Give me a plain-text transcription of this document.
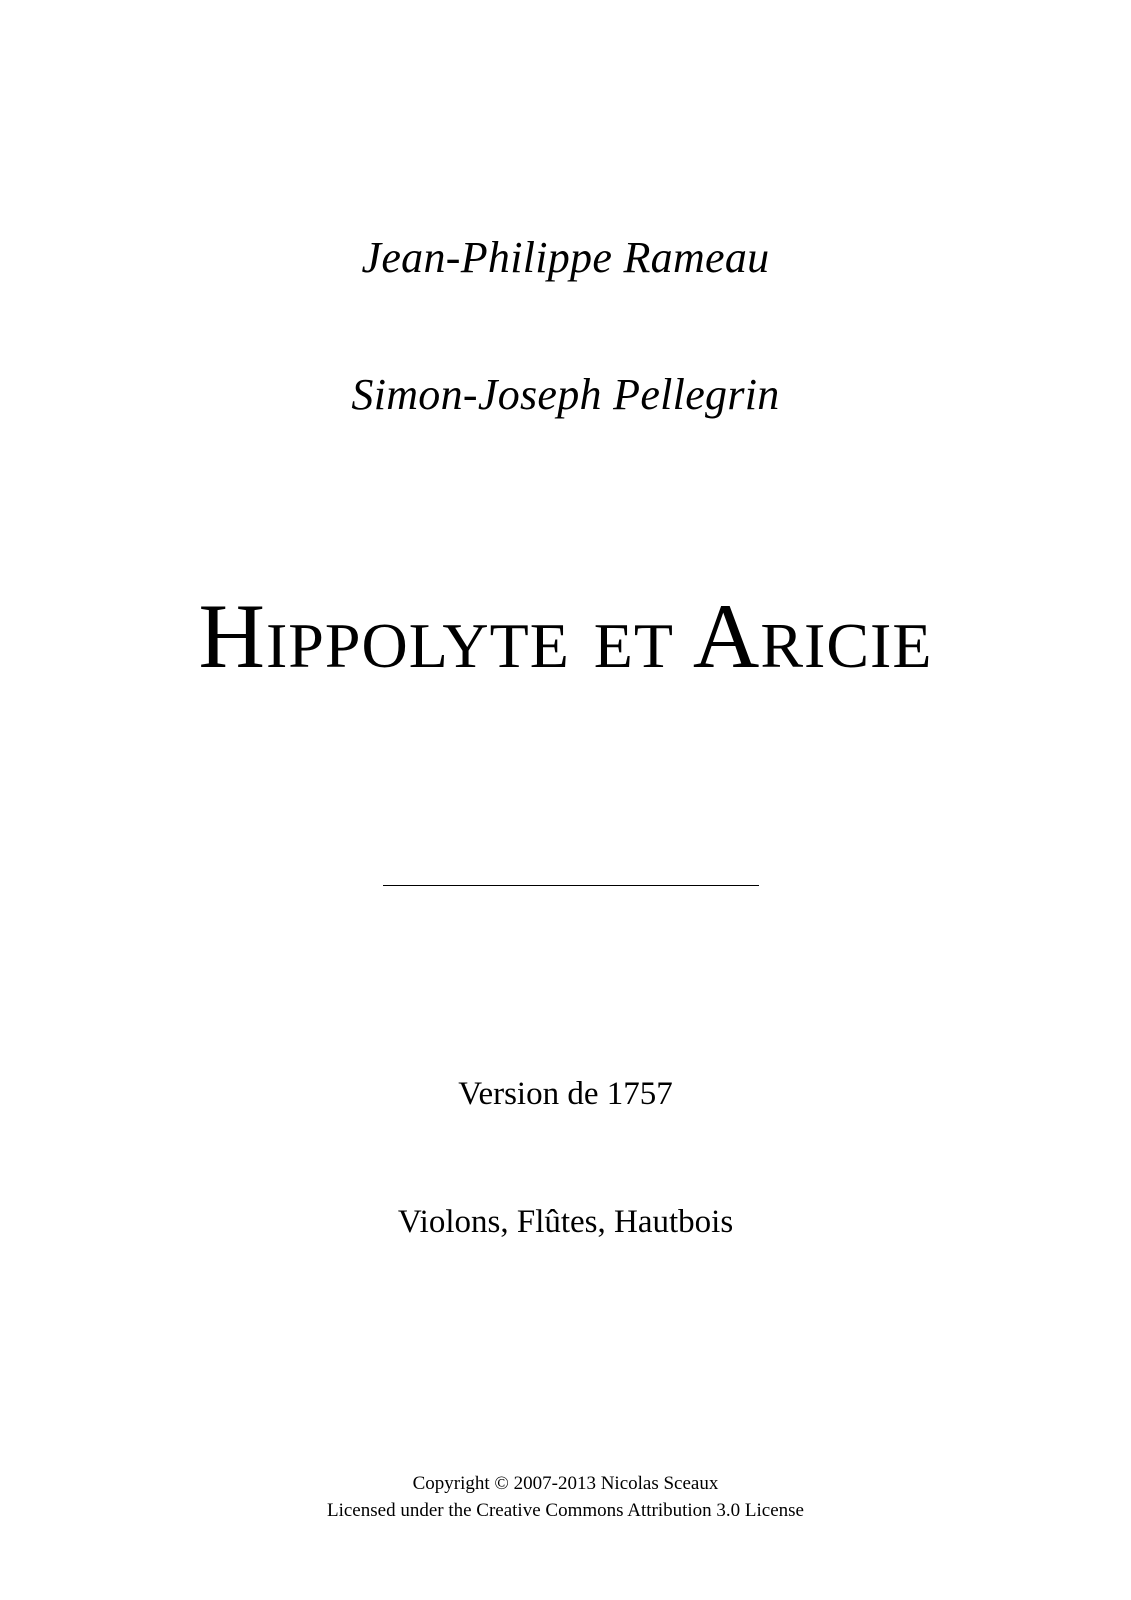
Jean-Philippe Rameau
Simon-Joseph Pellegrin
Hippolyte et Aricie
Version de 1757
Violons, Flûtes, Hautbois
Copyright © 2007-2013 Nicolas Sceaux
Licensed under the Creative Commons Attribution 3.0 License
